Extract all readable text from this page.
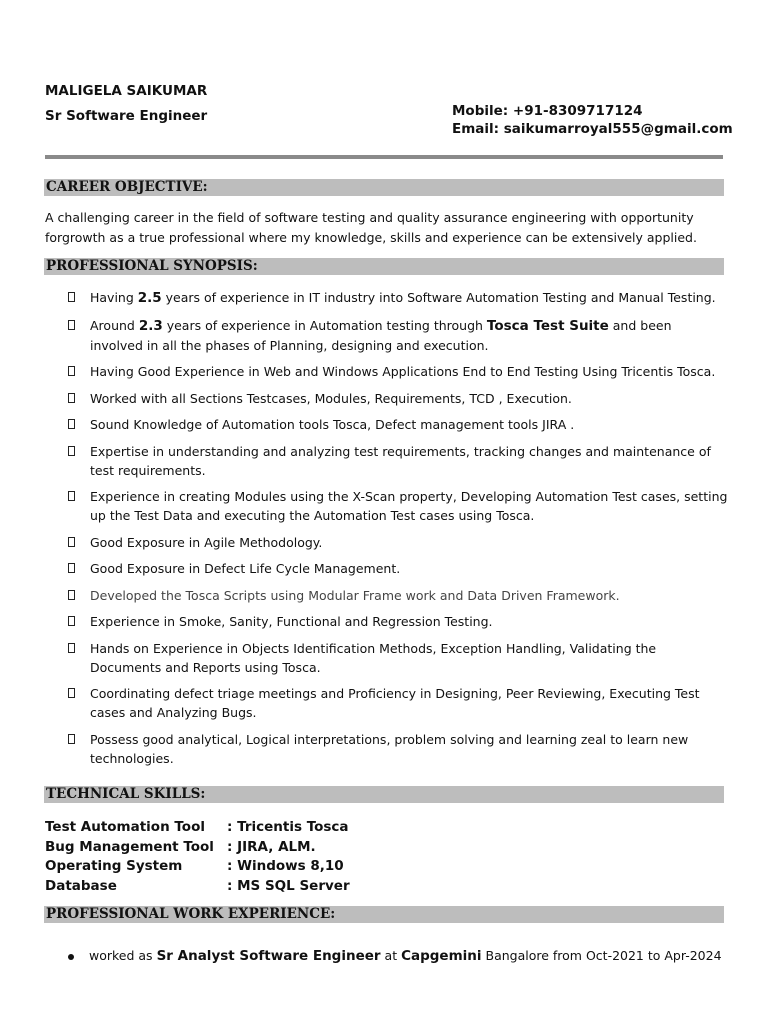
MALIGELA SAIKUMAR
Sr Software Engineer	Mobile: +91-8309717124
Email: saikumarroyal555@gmail.com
CAREER OBJECTIVE:
A challenging career in the field of software testing and quality assurance engineering with opportunity forgrowth as a true professional where my knowledge, skills and experience can be extensively applied.
PROFESSIONAL SYNOPSIS:
Having 2.5 years of experience in IT industry into Software Automation Testing and Manual Testing.
Around 2.3 years of experience in Automation testing through Tosca Test Suite and been involved in all the phases of Planning, designing and execution.
Having Good Experience in Web and Windows Applications End to End Testing Using Tricentis Tosca.
Worked with all Sections Testcases, Modules, Requirements, TCD , Execution.
Sound Knowledge of Automation tools Tosca, Defect management tools JIRA .
Expertise in understanding and analyzing test requirements, tracking changes and maintenance of test requirements.
Experience in creating Modules using the X-Scan property, Developing Automation Test cases, setting up the Test Data and executing the Automation Test cases using Tosca.
Good Exposure in Agile Methodology.
Good Exposure in Defect Life Cycle Management.
Developed the Tosca Scripts using Modular Frame work and Data Driven Framework.
Experience in Smoke, Sanity, Functional and Regression Testing.
Hands on Experience in Objects Identification Methods, Exception Handling, Validating the Documents and Reports using Tosca.
Coordinating defect triage meetings and Proficiency in Designing, Peer Reviewing, Executing Test cases and Analyzing Bugs.
Possess good analytical, Logical interpretations, problem solving and learning zeal to learn new technologies.
TECHNICAL SKILLS:
Test Automation Tool	: Tricentis Tosca
Bug Management Tool : JIRA, ALM.
Operating System	: Windows 8,10
Database	: MS SQL Server
PROFESSIONAL WORK EXPERIENCE:
worked as Sr Analyst Software Engineer at Capgemini Bangalore from Oct-2021 to Apr-2024
